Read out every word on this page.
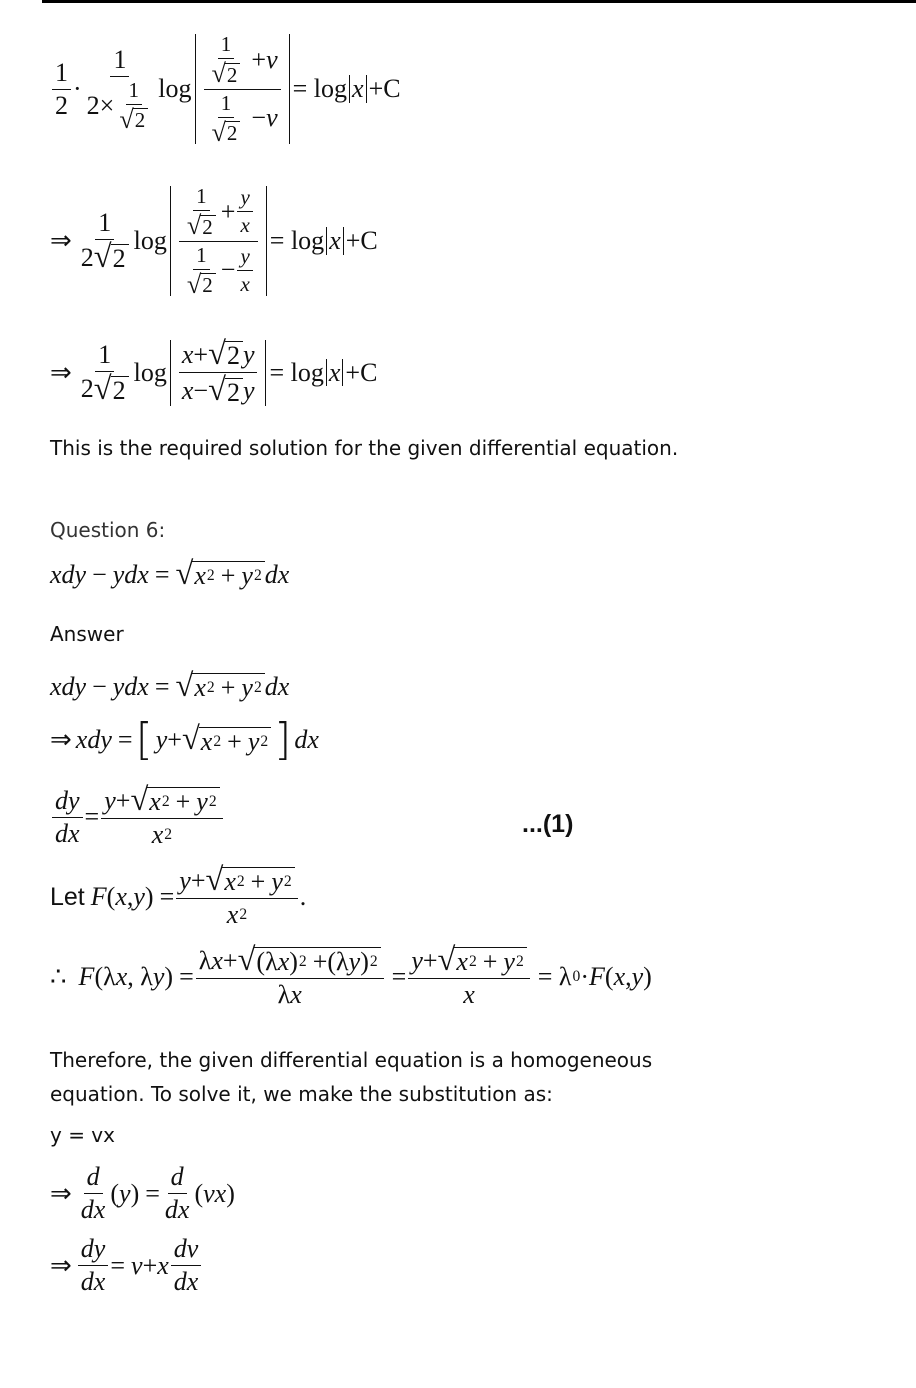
1
2
·
1
2×
1
√ 2
log
1
√ 2
+ v
1
√ 2
− v
= log x +C
⇒
1
2 √ 2
log
1
√ 2
+ y
x
1
√ 2
− y
x
= log x +C
⇒
1
2 √ 2
log
x + √ 2 y
x − √ 2 y
= log x +C
This is the required solution for the given differential equation.
Question 6:
xdy − ydx = √ x 2 + y 2 dx
Answer
xdy − ydx = √ x 2 + y 2 dx
⇒ xdy = [ y + √ x 2 + y 2 ] dx
dy
dx
=
y + √ x 2 + y 2
x 2	...(1)
Let F ( x , y ) =
y + √ x 2 + y 2
x 2
.
∴ F (λ x , λ y ) =
λ x + √ (λ x ) 2 +(λ y ) 2
λ x
=
y + √ x 2 + y 2
x
= λ 0 · F ( x , y )
Therefore, the given differential equation is a homogeneous
equation. To solve it, we make the substitution as:
y = vx
⇒
d
dx
( y ) =
d
dx
( vx )
⇒
dy
dx
= v + x
dv
dx
